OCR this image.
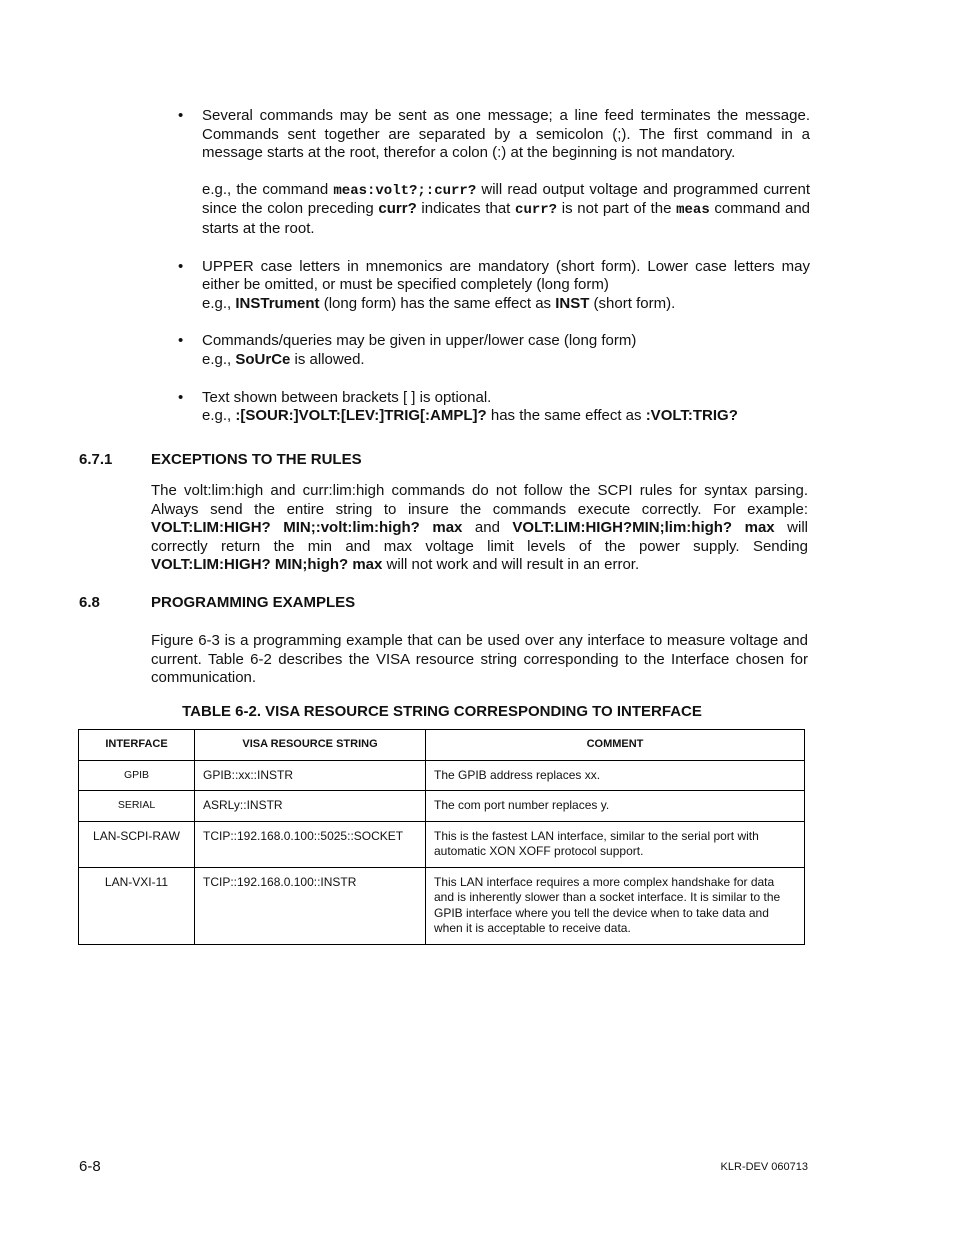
• Several commands may be sent as one message; a line feed terminates the message. Commands sent together are separated by a semicolon (;). The first command in a message starts at the root, therefor a colon (:) at the beginning is not mandatory.

e.g., the command meas:volt?;:curr? will read output voltage and programmed current since the colon preceding curr? indicates that curr? is not part of the meas command and starts at the root.

• UPPER case letters in mnemonics are mandatory (short form). Lower case letters may either be omitted, or must be specified completely (long form)

e.g., INSTrument (long form) has the same effect as INST (short form).

• Commands/queries may be given in upper/lower case (long form)

e.g., SoUrCe is allowed.

• Text shown between brackets [ ] is optional.

e.g., :[SOUR:]VOLT:[LEV:]TRIG[:AMPL]? has the same effect as :VOLT:TRIG?

6.7.1	EXCEPTIONS TO THE RULES
The volt:lim:high and curr:lim:high commands do not follow the SCPI rules for syntax parsing. Always send the entire string to insure the commands execute correctly. For example: VOLT:LIM:HIGH? MIN;:volt:lim:high? max and VOLT:LIM:HIGH?MIN;lim:high? max will correctly return the min and max voltage limit levels of the power supply. Sending VOLT:LIM:HIGH? MIN;high? max will not work and will result in an error.
6.8	PROGRAMMING EXAMPLES
Figure 6-3 is a programming example that can be used over any interface to measure voltage and current. Table 6-2 describes the VISA resource string corresponding to the Interface chosen for communication.
TABLE 6-2. VISA RESOURCE STRING CORRESPONDING TO INTERFACE
INTERFACE	VISA RESOURCE STRING	COMMENT
GPIB	GPIB::xx::INSTR	The GPIB address replaces xx.
SERIAL	ASRLy::INSTR	The com port number replaces y.
LAN-SCPI-RAW	TCIP::192.168.0.100::5025::SOCKET	This is the fastest LAN interface, similar to the serial port with automatic XON XOFF protocol support.
LAN-VXI-11	TCIP::192.168.0.100::INSTR	This LAN interface requires a more complex handshake for data and is inherently slower than a socket interface. It is similar to the GPIB interface where you tell the device when to take data and when it is acceptable to receive data.
6-8	KLR-DEV 060713
